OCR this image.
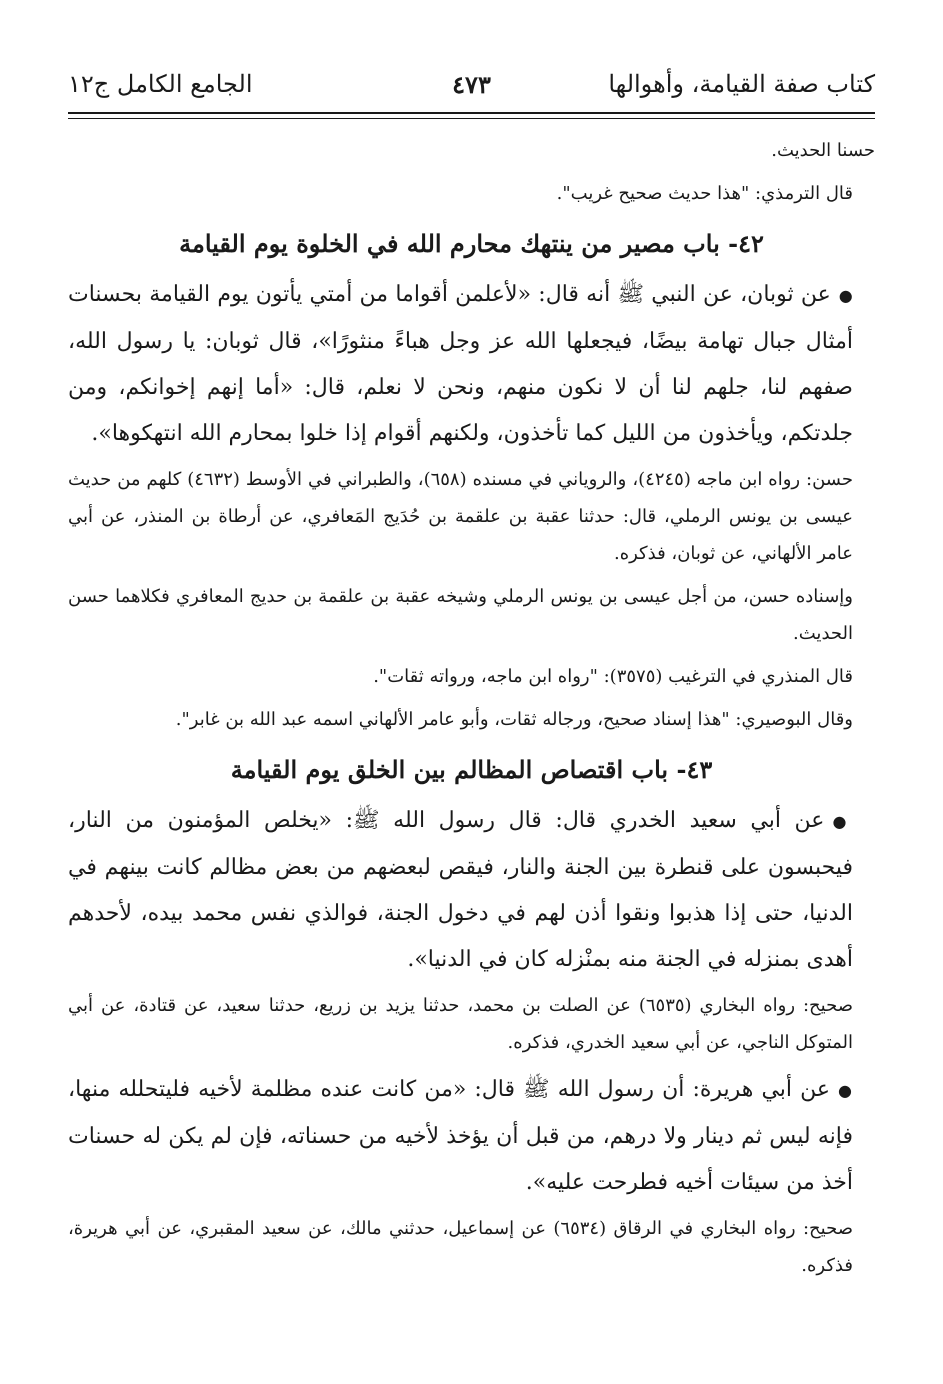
كتاب صفة القيامة، وأهوالها
٤٧٣
الجامع الكامل ج١٢

حسنا الحديث.

قال الترمذي: "هذا حديث صحيح غريب".

٤٢- باب مصير من ينتهك محارم الله في الخلوة يوم القيامة

●عن ثوبان، عن النبي ﷺ أنه قال: «لأعلمن أقواما من أمتي يأتون يوم القيامة بحسنات أمثال جبال تهامة بيضًا، فيجعلها الله عز وجل هباءً منثورًا»، قال ثوبان: يا رسول الله، صفهم لنا، جلهم لنا أن لا نكون منهم، ونحن لا نعلم، قال: «أما إنهم إخوانكم، ومن جلدتكم، ويأخذون من الليل كما تأخذون، ولكنهم أقوام إذا خلوا بمحارم الله انتهكوها».

حسن: رواه ابن ماجه (٤٢٤٥)، والروياني في مسنده (٦٥٨)، والطبراني في الأوسط (٤٦٣٢) كلهم من حديث عيسى بن يونس الرملي، قال: حدثنا عقبة بن علقمة بن حُدَيج المَعافري، عن أرطاة بن المنذر، عن أبي عامر الألهاني، عن ثوبان، فذكره.

وإسناده حسن، من أجل عيسى بن يونس الرملي وشيخه عقبة بن علقمة بن حديج المعافري فكلاهما حسن الحديث.

قال المنذري في الترغيب (٣٥٧٥): "رواه ابن ماجه، ورواته ثقات".

وقال البوصيري: "هذا إسناد صحيح، ورجاله ثقات، وأبو عامر الألهاني اسمه عبد الله بن غابر".

٤٣- باب اقتصاص المظالم بين الخلق يوم القيامة

●عن أبي سعيد الخدري قال: قال رسول الله ﷺ: «يخلص المؤمنون من النار، فيحبسون على قنطرة بين الجنة والنار، فيقص لبعضهم من بعض مظالم كانت بينهم في الدنيا، حتى إذا هذبوا ونقوا أذن لهم في دخول الجنة، فوالذي نفس محمد بيده، لأحدهم أهدى بمنزله في الجنة منه بمنْزله كان في الدنيا».

صحيح: رواه البخاري (٦٥٣٥) عن الصلت بن محمد، حدثنا يزيد بن زريع، حدثنا سعيد، عن قتادة، عن أبي المتوكل الناجي، عن أبي سعيد الخدري، فذكره.

●عن أبي هريرة: أن رسول الله ﷺ قال: «من كانت عنده مظلمة لأخيه فليتحلله منها، فإنه ليس ثم دينار ولا درهم، من قبل أن يؤخذ لأخيه من حسناته، فإن لم يكن له حسنات أخذ من سيئات أخيه فطرحت عليه».

صحيح: رواه البخاري في الرقاق (٦٥٣٤) عن إسماعيل، حدثني مالك، عن سعيد المقبري، عن أبي هريرة، فذكره.
